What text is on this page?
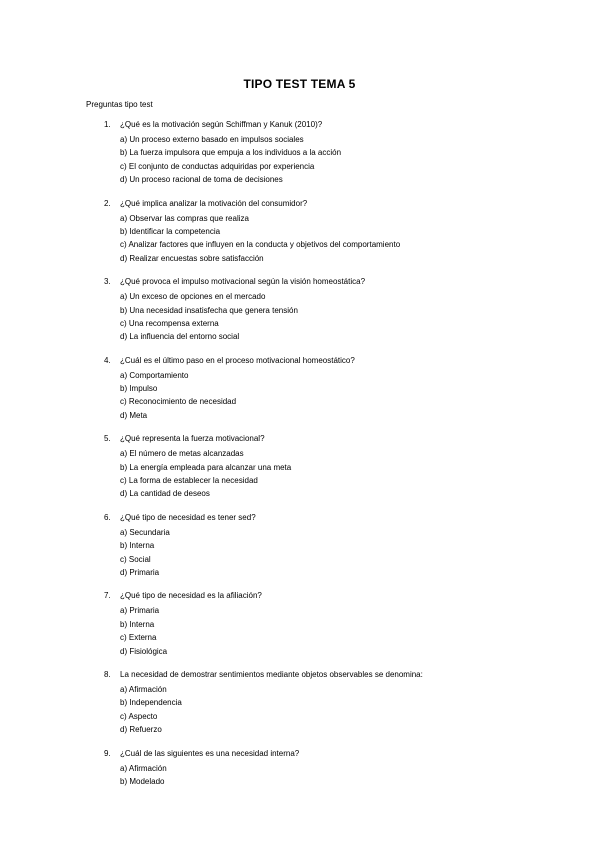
TIPO TEST TEMA 5
Preguntas tipo test
1.	¿Qué es la motivación según Schiffman y Kanuk (2010)?
a) Un proceso externo basado en impulsos sociales
b) La fuerza impulsora que empuja a los individuos a la acción
c) El conjunto de conductas adquiridas por experiencia
d) Un proceso racional de toma de decisiones
2.	¿Qué implica analizar la motivación del consumidor?
a) Observar las compras que realiza
b) Identificar la competencia
c) Analizar factores que influyen en la conducta y objetivos del comportamiento
d) Realizar encuestas sobre satisfacción
3.	¿Qué provoca el impulso motivacional según la visión homeostática?
a) Un exceso de opciones en el mercado
b) Una necesidad insatisfecha que genera tensión
c) Una recompensa externa
d) La influencia del entorno social
4.	¿Cuál es el último paso en el proceso motivacional homeostático?
a) Comportamiento
b) Impulso
c) Reconocimiento de necesidad
d) Meta
5.	¿Qué representa la fuerza motivacional?
a) El número de metas alcanzadas
b) La energía empleada para alcanzar una meta
c) La forma de establecer la necesidad
d) La cantidad de deseos
6.	¿Qué tipo de necesidad es tener sed?
a) Secundaria
b) Interna
c) Social
d) Primaria
7.	¿Qué tipo de necesidad es la afiliación?
a) Primaria
b) Interna
c) Externa
d) Fisiológica
8.	La necesidad de demostrar sentimientos mediante objetos observables se denomina:
a) Afirmación
b) Independencia
c) Aspecto
d) Refuerzo
9.	¿Cuál de las siguientes es una necesidad interna?
a) Afirmación
b) Modelado
